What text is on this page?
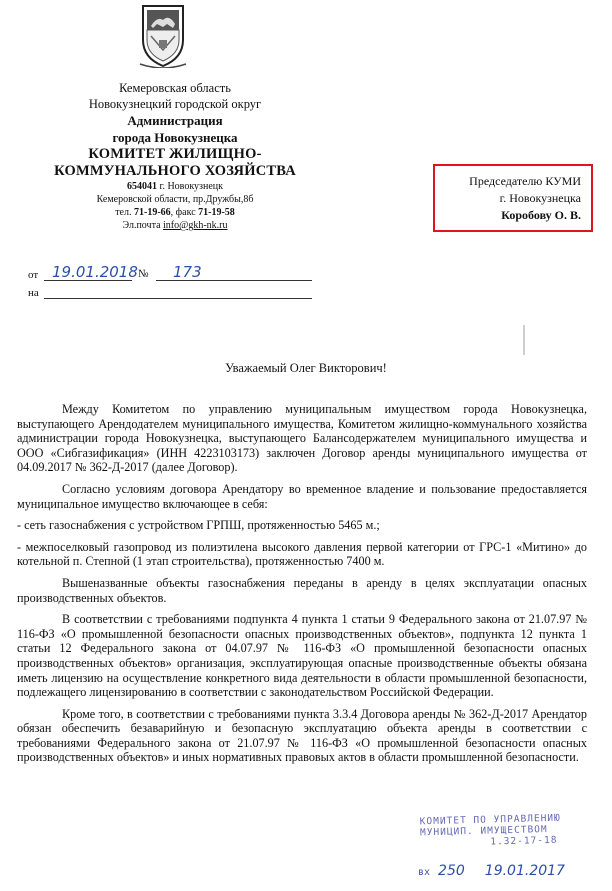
Кемеровская область
Новокузнецкий городской округ
Администрация
города Новокузнецка
КОМИТЕТ ЖИЛИЩНО-
КОММУНАЛЬНОГО ХОЗЯЙСТВА
654041 г. Новокузнецк
Кемеровской области, пр.Дружбы,8б
тел. 71-19-66, факс 71-19-58
Эл.почта info@gkh-nk.ru
Председателю КУМИ
г. Новокузнецка
Коробову О. В.
от 19.01.2018 № 173
на
Уважаемый Олег Викторович!

Между Комитетом по управлению муниципальным имуществом города Новокузнецка, выступающего Арендодателем муниципального имущества, Комитетом жилищно-коммунального хозяйства администрации города Новокузнецка, выступающего Балансодержателем муниципального имущества и ООО «Сибгазификация» (ИНН 4223103173) заключен Договор аренды муниципального имущества от 04.09.2017 № 362-Д-2017 (далее Договор).

Согласно условиям договора Арендатору во временное владение и пользование предоставляется муниципальное имущество включающее в себя:

- сеть газоснабжения с устройством ГРПШ, протяженностью 5465 м.;

- межпоселковый газопровод из полиэтилена высокого давления первой категории от ГРС-1 «Митино» до котельной п. Степной (1 этап строительства), протяженностью 7400 м.

Вышеназванные объекты газоснабжения переданы в аренду в целях эксплуатации опасных производственных объектов.

В соответствии с требованиями подпункта 4 пункта 1 статьи 9 Федерального закона от 21.07.97 № 116-ФЗ «О промышленной безопасности опасных производственных объектов», подпункта 12 пункта 1 статьи 12 Федерального закона от 04.07.97 № 116-ФЗ «О промышленной безопасности опасных производственных объектов» организация, эксплуатирующая опасные производственные объекты обязана иметь лицензию на осуществление конкретного вида деятельности в области промышленной безопасности, подлежащего лицензированию в соответствии с законодательством Российской Федерации.

Кроме того, в соответствии с требованиями пункта 3.3.4 Договора аренды № 362-Д-2017 Арендатор обязан обеспечить безаварийную и безопасную эксплуатацию объекта аренды в соответствии с требованиями Федерального закона от 21.07.97 № 116-ФЗ «О промышленной безопасности опасных производственных объектов» и иных нормативных правовых актов в области промышленной безопасности.

КОМИТЕТ ПО УПРАВЛЕНИЮ
МУНИЦИП. ИМУЩЕСТВОМ
1.32-17-18
вх 250 19.01.2017
